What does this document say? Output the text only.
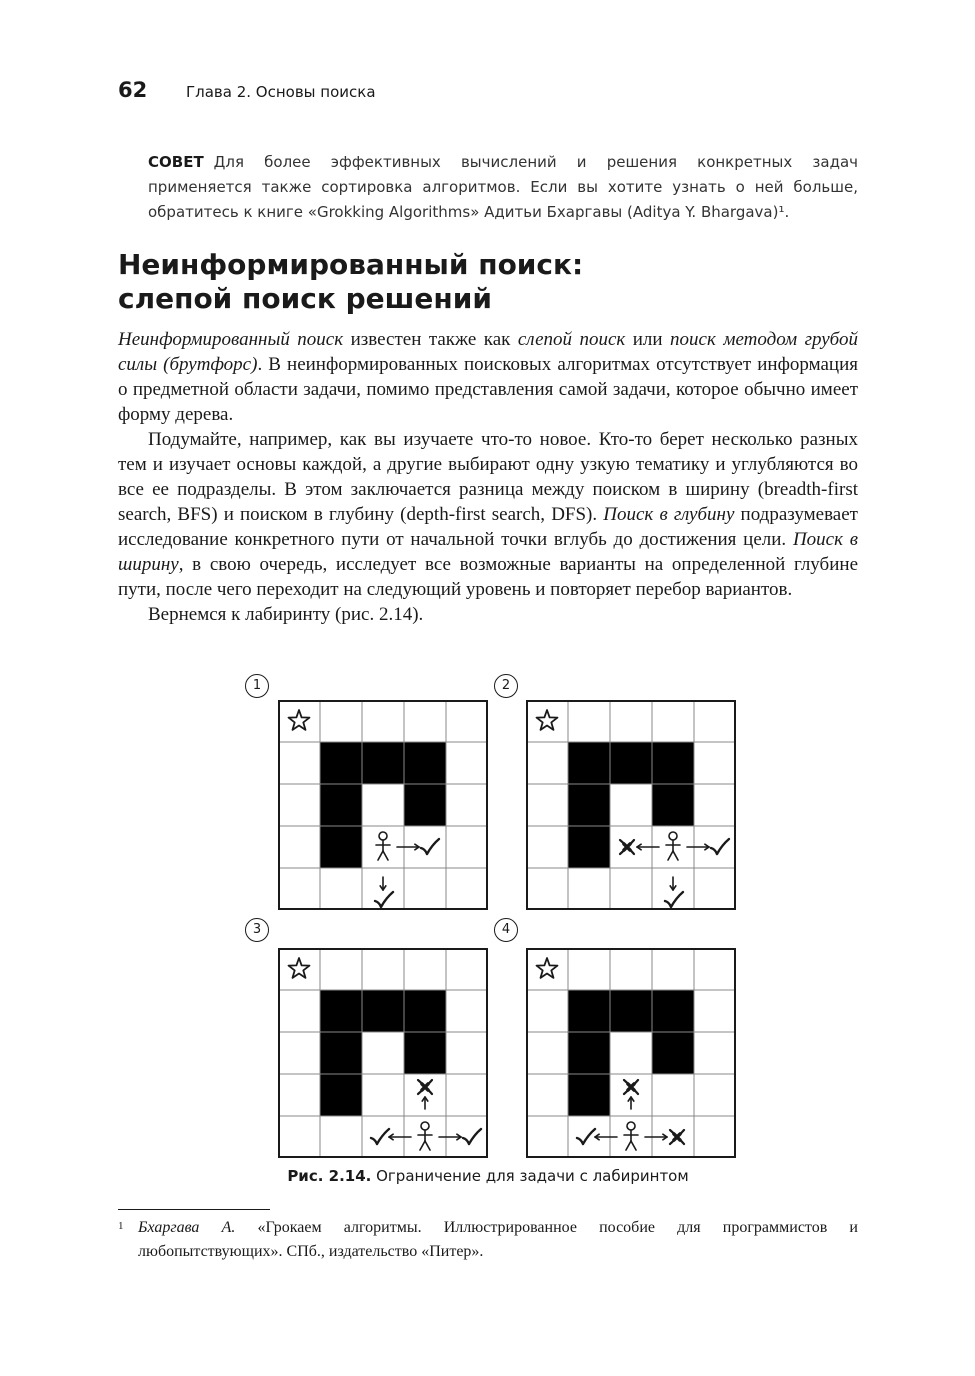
62	Глава 2. Основы поиска
СОВЕТ Для более эффективных вычислений и решения конкретных задач применяется также сортировка алгоритмов. Если вы хотите узнать о ней больше, обратитесь к книге «Grokking Algorithms» Адитьи Бхаргавы (Aditya Y. Bhargava)¹.
Неинформированный поиск:
слепой поиск решений

Неинформированный поиск известен также как слепой поиск или поиск методом грубой силы (брутфорс). В неинформированных поисковых алгоритмах отсутствует информация о предметной области задачи, помимо представления самой задачи, которое обычно имеет форму дерева.

Подумайте, например, как вы изучаете что-то новое. Кто-то берет несколько разных тем и изучает основы каждой, а другие выбирают одну узкую тематику и углубляются во все ее подразделы. В этом заключается разница между поиском в ширину (breadth-first search, BFS) и поиском в глубину (depth-first search, DFS). Поиск в глубину подразумевает исследование конкретного пути от начальной точки вглубь до достижения цели. Поиск в ширину, в свою очередь, исследует все возможные варианты на определенной глубине пути, после чего переходит на следующий уровень и повторяет перебор вариантов.

Вернемся к лабиринту (рис. 2.14).

1	2
3	4
Рис. 2.14. Ограничение для задачи с лабиринтом
1 Бхаргава А. «Грокаем алгоритмы. Иллюстрированное пособие для программистов и любопытствующих». СПб., издательство «Питер».
